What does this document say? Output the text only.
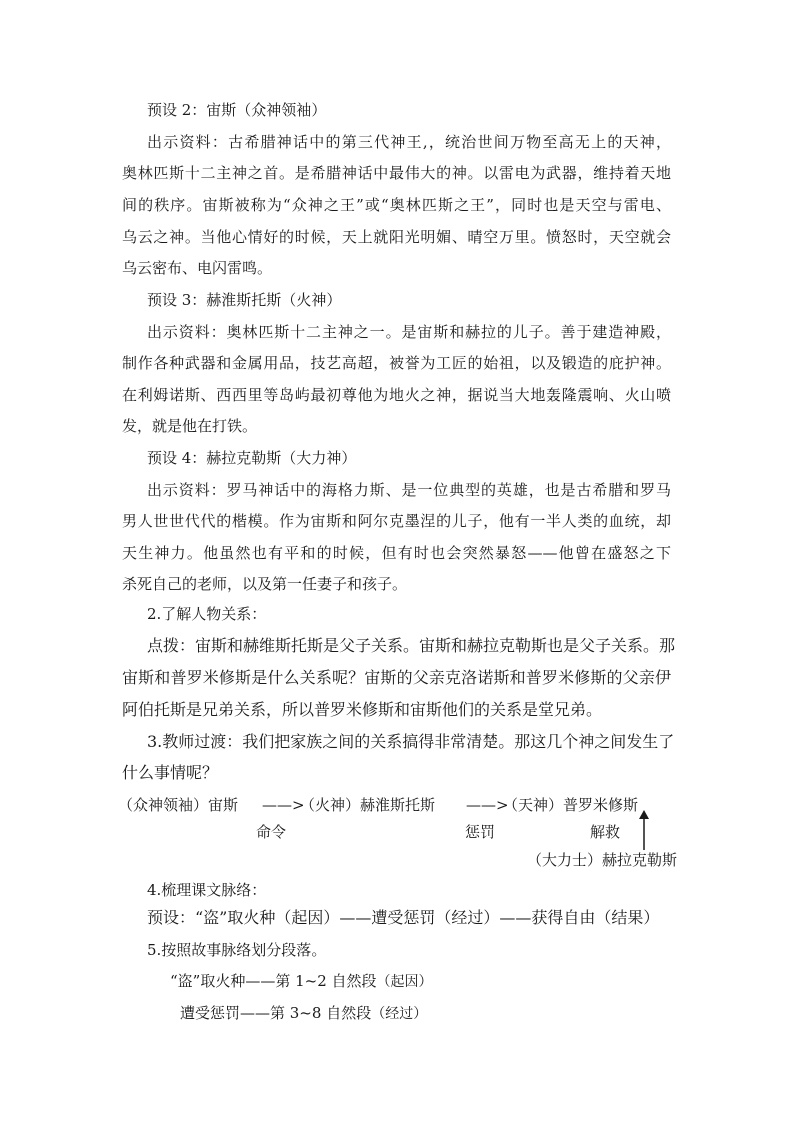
预设 2：宙斯（众神领袖）
出示资料：古希腊神话中的第三代神王,，统治世间万物至高无上的天神，
奥林匹斯十二主神之首。是希腊神话中最伟大的神。以雷电为武器，维持着天地
间的秩序。宙斯被称为“众神之王”或“奥林匹斯之王”，同时也是天空与雷电、
乌云之神。当他心情好的时候，天上就阳光明媚、晴空万里。愤怒时，天空就会
乌云密布、电闪雷鸣。
预设 3：赫淮斯托斯（火神）
出示资料：奥林匹斯十二主神之一。是宙斯和赫拉的儿子。善于建造神殿，
制作各种武器和金属用品，技艺高超，被誉为工匠的始祖，以及锻造的庇护神。
在利姆诺斯、西西里等岛屿最初尊他为地火之神，据说当大地轰隆震响、火山喷
发，就是他在打铁。
预设 4：赫拉克勒斯（大力神）
出示资料：罗马神话中的海格力斯、是一位典型的英雄，也是古希腊和罗马
男人世世代代的楷模。作为宙斯和阿尔克墨涅的儿子，他有一半人类的血统，却
天生神力。他虽然也有平和的时候，但有时也会突然暴怒——他曾在盛怒之下
杀死自己的老师，以及第一任妻子和孩子。
2.了解人物关系：
点拨：宙斯和赫维斯托斯是父子关系。宙斯和赫拉克勒斯也是父子关系。那
宙斯和普罗米修斯是什么关系呢？宙斯的父亲克洛诺斯和普罗米修斯的父亲伊
阿伯托斯是兄弟关系，所以普罗米修斯和宙斯他们的关系是堂兄弟。
3.教师过渡：我们把家族之间的关系搞得非常清楚。那这几个神之间发生了
什么事情呢？
（众神领袖）宙斯 ——>
（火神）赫淮斯托斯 ——>
（天神）普罗米修斯
命令	惩罚	解救
（大力士）赫拉克勒斯
4.梳理课文脉络：
预设：“盗”取火种（起因）——遭受惩罚（经过）——获得自由（结果）
5.按照故事脉络划分段落。
“盗”取火种——第 1~2 自然段（起因）
遭受惩罚——第 3~8 自然段（经过）
